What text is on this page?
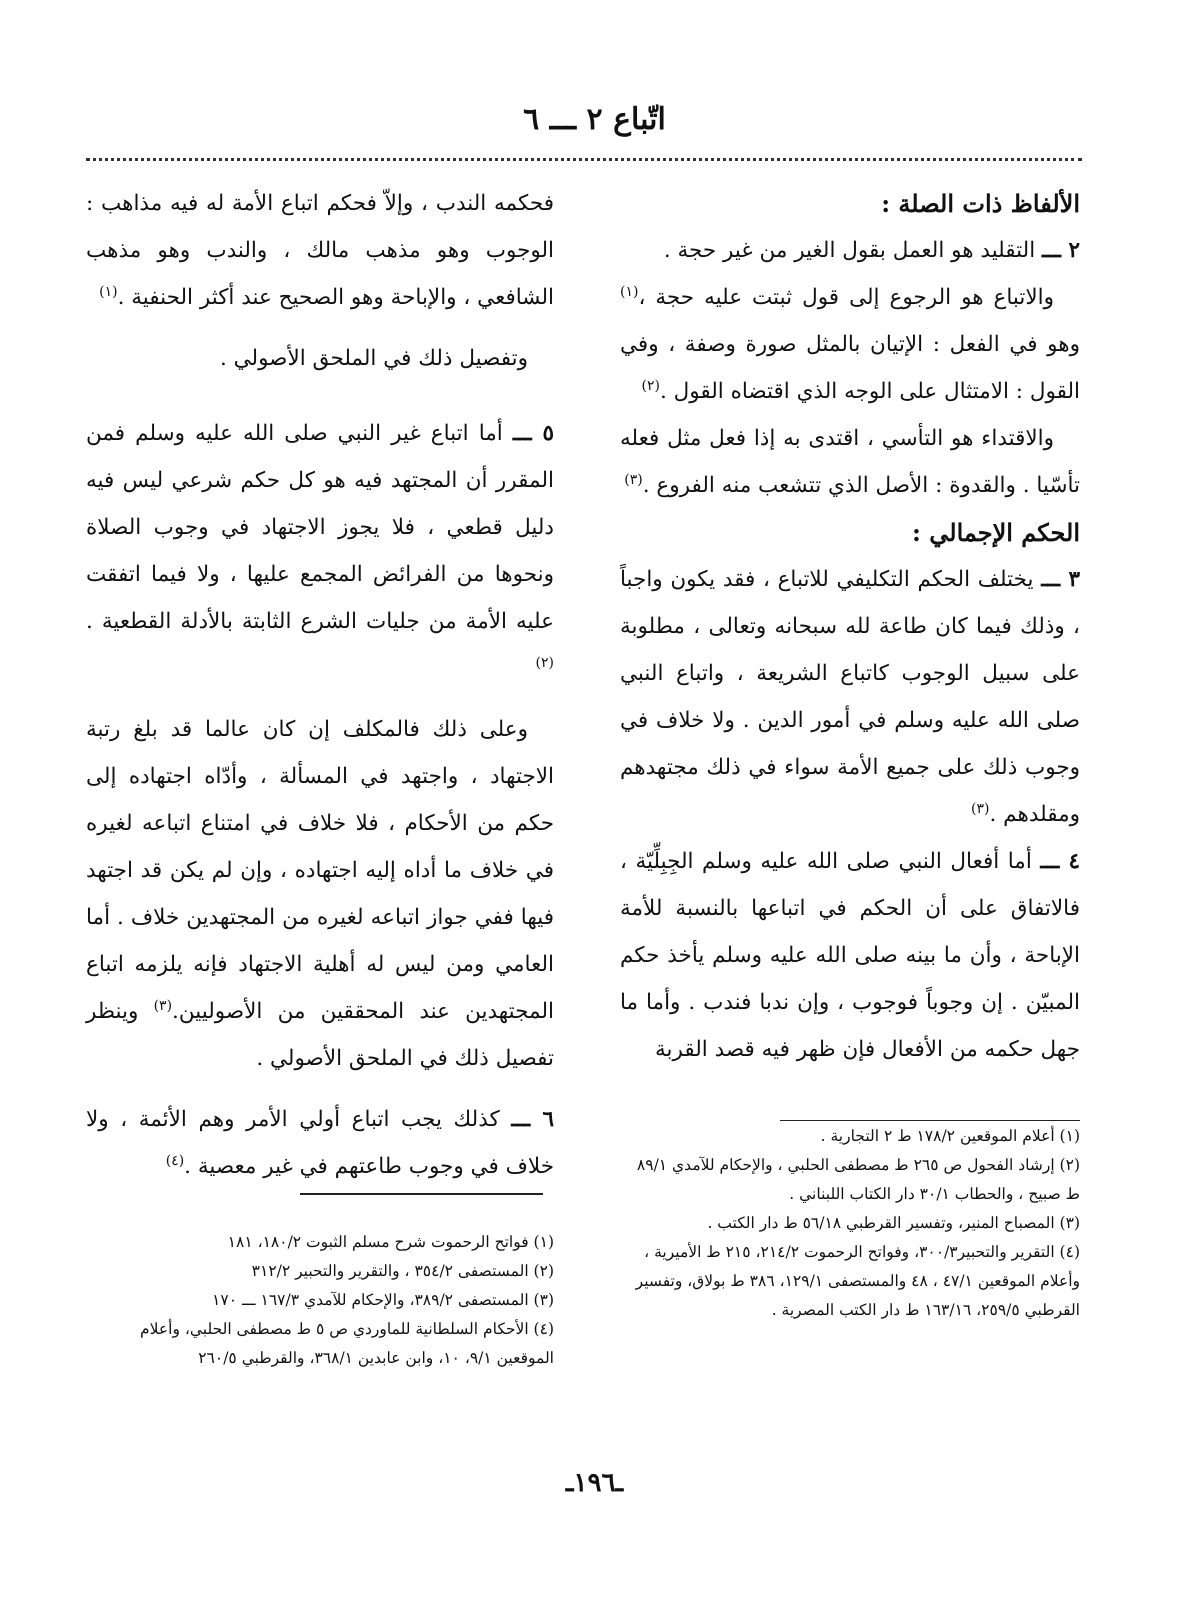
اتّباع ٢ ـــ ٦

الألفاظ ذات الصلة :

٢ ـــ التقليد هو العمل بقول الغير من غير حجة .

والاتباع هو الرجوع إلى قول ثبتت عليه حجة ،$^{(١)}$ وهو في الفعل : الإتيان بالمثل صورة وصفة ، وفي القول : الامتثال على الوجه الذي اقتضاه القول .$^{(٢)}$

والاقتداء هو التأسي ، اقتدى به إذا فعل مثل فعله تأسّيا . والقدوة : الأصل الذي تتشعب منه الفروع .$^{(٣)}$

الحكم الإجمالي :

٣ ـــ يختلف الحكم التكليفي للاتباع ، فقد يكون واجباً ، وذلك فيما كان طاعة لله سبحانه وتعالى ، مطلوبة على سبيل الوجوب كاتباع الشريعة ، واتباع النبي صلى الله عليه وسلم في أمور الدين . ولا خلاف في وجوب ذلك على جميع الأمة سواء في ذلك مجتهدهم ومقلدهم .$^{(٣)}$

٤ ـــ أما أفعال النبي صلى الله عليه وسلم الجِبِلِّيّة ، فالاتفاق على أن الحكم في اتباعها بالنسبة للأمة الإباحة ، وأن ما بينه صلى الله عليه وسلم يأخذ حكم المبيّن . إن وجوباً فوجوب ، وإن ندبا فندب . وأما ما جهل حكمه من الأفعال فإن ظهر فيه قصد القربة

(١) أعلام الموقعين ١٧٨/٢ ط ٢ التجارية .

(٢) إرشاد الفحول ص ٢٦٥ ط مصطفى الحلبي ، والإحكام للآمدي ٨٩/١ ط صبيح ، والحطاب ٣٠/١ دار الكتاب اللبناني .

(٣) المصباح المنير، وتفسير القرطبي ٥٦/١٨ ط دار الكتب .

(٤) التقرير والتحبير٣٠٠/٣، وفواتح الرحموت ٢١٤/٢، ٢١٥ ط الأميرية ، وأعلام الموقعين ٤٧/١ ، ٤٨ والمستصفى ١٢٩/١، ٣٨٦ ط بولاق، وتفسير القرطبي ٢٥٩/٥، ١٦٣/١٦ ط دار الكتب المصرية .

فحكمه الندب ، وإلاّ فحكم اتباع الأمة له فيه مذاهب : الوجوب وهو مذهب مالك ، والندب وهو مذهب الشافعي ، والإباحة وهو الصحيح عند أكثر الحنفية .$^{(١)}$

وتفصيل ذلك في الملحق الأصولي .

٥ ـــ أما اتباع غير النبي صلى الله عليه وسلم فمن المقرر أن المجتهد فيه هو كل حكم شرعي ليس فيه دليل قطعي ، فلا يجوز الاجتهاد في وجوب الصلاة ونحوها من الفرائض المجمع عليها ، ولا فيما اتفقت عليه الأمة من جليات الشرع الثابتة بالأدلة القطعية .$^{(٢)}$

وعلى ذلك فالمكلف إن كان عالما قد بلغ رتبة الاجتهاد ، واجتهد في المسألة ، وأدّاه اجتهاده إلى حكم من الأحكام ، فلا خلاف في امتناع اتباعه لغيره في خلاف ما أداه إليه اجتهاده ، وإن لم يكن قد اجتهد فيها ففي جواز اتباعه لغيره من المجتهدين خلاف . أما العامي ومن ليس له أهلية الاجتهاد فإنه يلزمه اتباع المجتهدين عند المحققين من الأصوليين.$^{(٣)}$ وينظر تفصيل ذلك في الملحق الأصولي .

٦ ـــ كذلك يجب اتباع أولي الأمر وهم الأئمة ، ولا خلاف في وجوب طاعتهم في غير معصية .$^{(٤)}$

(١) فواتح الرحموت شرح مسلم الثبوت ١٨٠/٢، ١٨١

(٢) المستصفى ٣٥٤/٢ ، والتقرير والتحبير ٣١٢/٢

(٣) المستصفى ٣٨٩/٢، والإحكام للآمدي ١٦٧/٣ ـــ ١٧٠

(٤) الأحكام السلطانية للماوردي ص ٥ ط مصطفى الحلبي، وأعلام الموقعين ٩/١، ١٠، وابن عابدين ٣٦٨/١، والقرطبي ٢٦٠/٥

ـ١٩٦ـ
